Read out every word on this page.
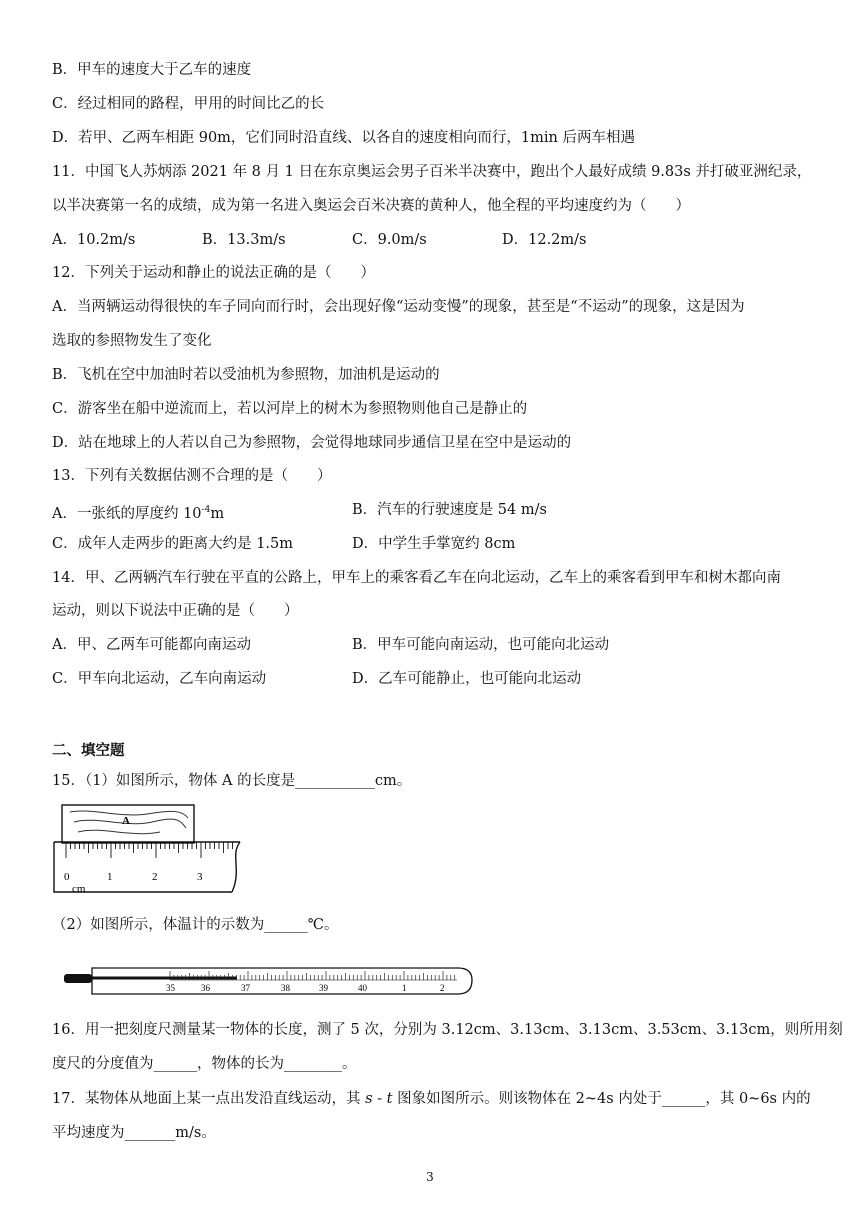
B．甲车的速度大于乙车的速度
C．经过相同的路程，甲用的时间比乙的长
D．若甲、乙两车相距 90m，它们同时沿直线、以各自的速度相向而行，1min 后两车相遇
11．中国飞人苏炳添 2021 年 8 月 1 日在东京奥运会男子百米半决赛中，跑出个人最好成绩 9.83s 并打破亚洲纪录，
以半决赛第一名的成绩，成为第一名进入奥运会百米决赛的黄种人，他全程的平均速度约为（　　）
A．10.2m/s	B．13.3m/s	C．9.0m/s	D．12.2m/s
12．下列关于运动和静止的说法正确的是（　　）
A．当两辆运动得很快的车子同向而行时，会出现好像“运动变慢”的现象，甚至是“不运动”的现象，这是因为
选取的参照物发生了变化
B．飞机在空中加油时若以受油机为参照物，加油机是运动的
C．游客坐在船中逆流而上，若以河岸上的树木为参照物则他自己是静止的
D．站在地球上的人若以自己为参照物，会觉得地球同步通信卫星在空中是运动的
13．下列有关数据估测不合理的是（　　）
A．一张纸的厚度约 $10^{-4}m$	B．汽车的行驶速度是 54 m/s
C．成年人走两步的距离大约是 1.5m	D．中学生手掌宽约 8cm
14．甲、乙两辆汽车行驶在平直的公路上，甲车上的乘客看乙车在向北运动，乙车上的乘客看到甲车和树木都向南
运动，则以下说法中正确的是（　　）
A．甲、乙两车可能都向南运动	B．甲车可能向南运动，也可能向北运动
C．甲车向北运动，乙车向南运动	D．乙车可能静止，也可能向北运动
二、填空题
15．（1）如图所示，物体 A 的长度是___________cm。
A
0	1	2	3
cm
（2）如图所示，体温计的示数为______℃。
35	36	37	38	39	40	1	2
16．用一把刻度尺测量某一物体的长度，测了 5 次，分别为 3.12cm、3.13cm、3.13cm、3.53cm、3.13cm，则所用刻
度尺的分度值为______，物体的长为________。
17．某物体从地面上某一点出发沿直线运动，其 s - t 图象如图所示。则该物体在 2~4s 内处于______，其 0~6s 内的
平均速度为_______m/s。
3
